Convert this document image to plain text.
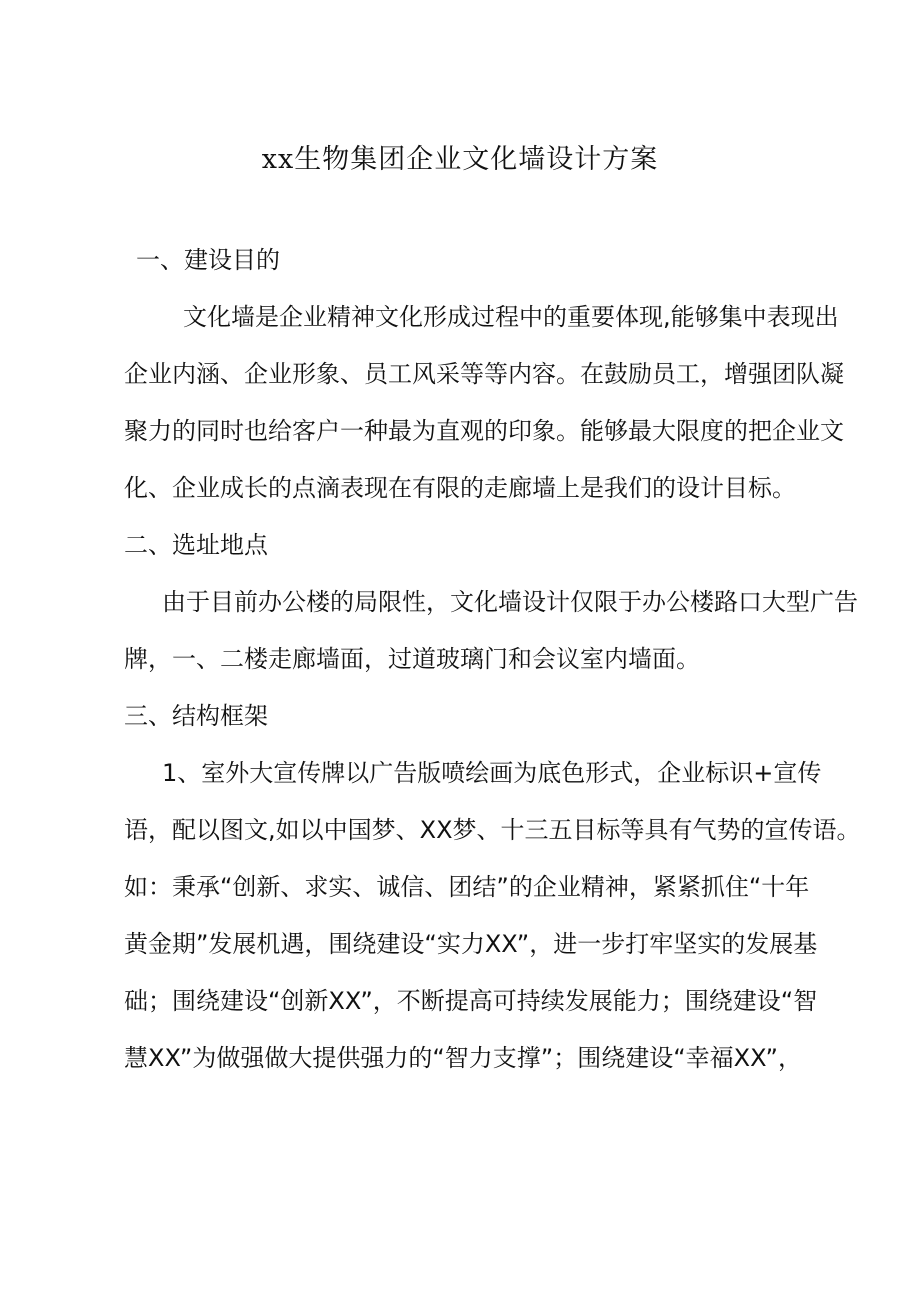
xx生物集团企业文化墙设计方案
一、建设目的
文化墙是企业精神文化形成过程中的重要体现,能够集中表现出
企业内涵、企业形象、员工风采等等内容。在鼓励员工，增强团队凝
聚力的同时也给客户一种最为直观的印象。能够最大限度的把企业文
化、企业成长的点滴表现在有限的走廊墙上是我们的设计目标。
二、选址地点
由于目前办公楼的局限性，文化墙设计仅限于办公楼路口大型广告
牌，一、二楼走廊墙面，过道玻璃门和会议室内墙面。
三、结构框架
1、室外大宣传牌以广告版喷绘画为底色形式，企业标识+宣传
语，配以图文,如以中国梦、XX梦、十三五目标等具有气势的宣传语。
如：秉承“创新、求实、诚信、团结”的企业精神，紧紧抓住“十年
黄金期”发展机遇，围绕建设“实力XX”，进一步打牢坚实的发展基
础；围绕建设“创新XX”，不断提高可持续发展能力；围绕建设“智
慧XX”为做强做大提供强力的“智力支撑”；围绕建设“幸福XX”，
